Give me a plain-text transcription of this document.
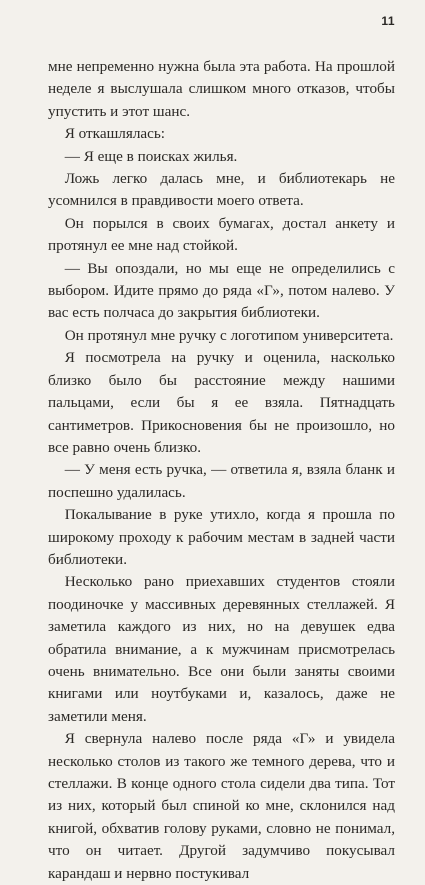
11

мне непременно нужна была эта работа. На прошлой неделе я выслушала слишком много отказов, чтобы упустить и этот шанс.

Я откашлялась:

— Я еще в поисках жилья.

Ложь легко далась мне, и библиотекарь не усомнился в правдивости моего ответа.

Он порылся в своих бумагах, достал анкету и протянул ее мне над стойкой.

— Вы опоздали, но мы еще не определились с выбором. Идите прямо до ряда «Г», потом налево. У вас есть полчаса до закрытия библиотеки.

Он протянул мне ручку с логотипом университета.

Я посмотрела на ручку и оценила, насколько близко было бы расстояние между нашими пальцами, если бы я ее взяла. Пятнадцать сантиметров. Прикосновения бы не произошло, но все равно очень близко.

— У меня есть ручка, — ответила я, взяла бланк и поспешно удалилась.

Покалывание в руке утихло, когда я прошла по широкому проходу к рабочим местам в задней части библиотеки.

Несколько рано приехавших студентов стояли поодиночке у массивных деревянных стеллажей. Я заметила каждого из них, но на девушек едва обратила внимание, а к мужчинам присмотрелась очень внимательно. Все они были заняты своими книгами или ноутбуками и, казалось, даже не заметили меня.

Я свернула налево после ряда «Г» и увидела несколько столов из такого же темного дерева, что и стеллажи. В конце одного стола сидели два типа. Тот из них, который был спиной ко мне, склонился над книгой, обхватив голову руками, словно не понимал, что он читает. Другой задумчиво покусывал карандаш и нервно постукивал
